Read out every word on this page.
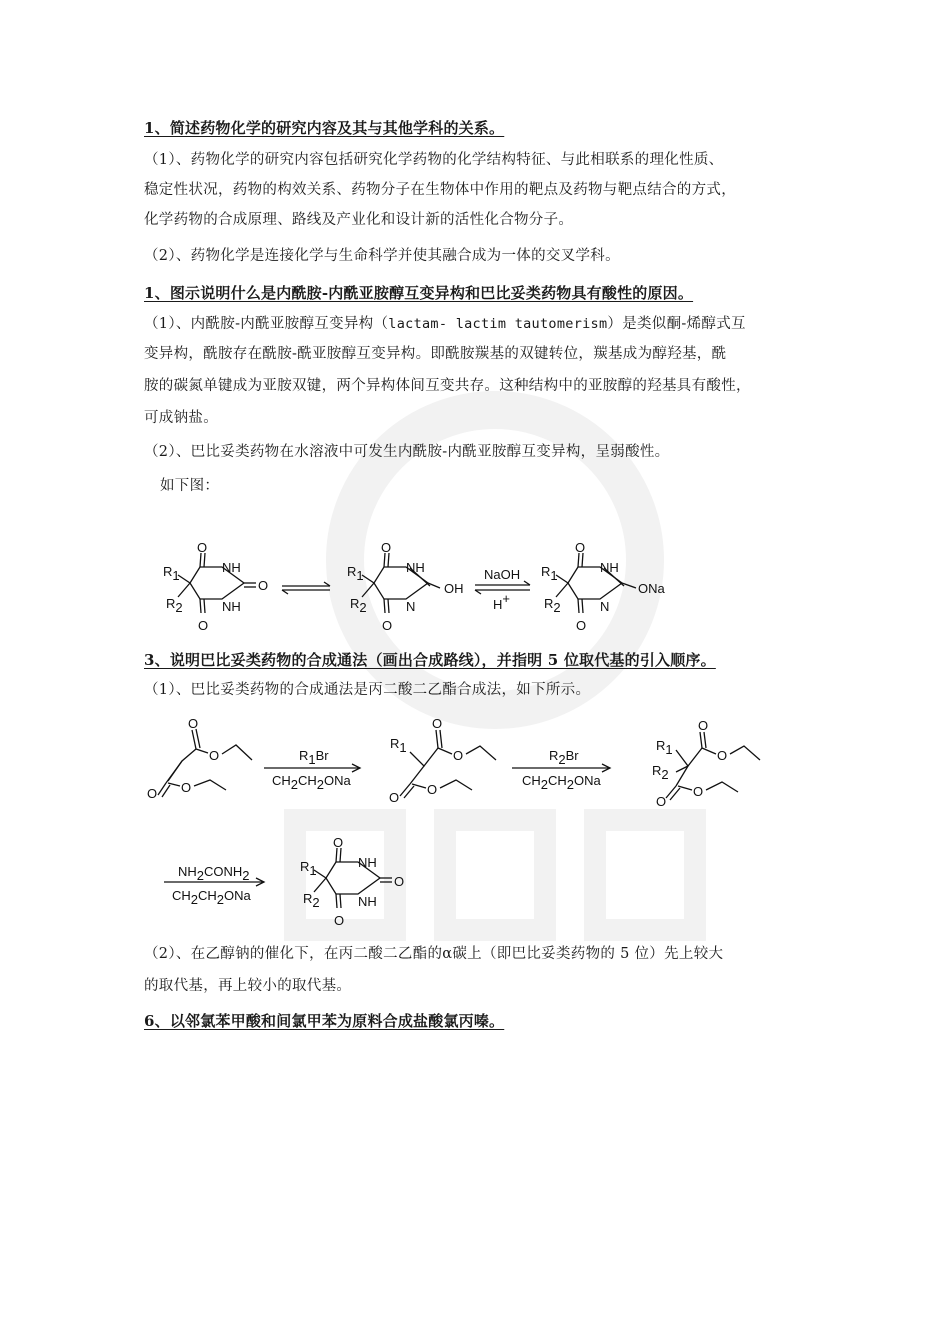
1、简述药物化学的研究内容及其与其他学科的关系。
（1）、药物化学的研究内容包括研究化学药物的化学结构特征、与此相联系的理化性质、
稳定性状况，药物的构效关系、药物分子在生物体中作用的靶点及药物与靶点结合的方式，
化学药物的合成原理、路线及产业化和设计新的活性化合物分子。
（2）、药物化学是连接化学与生命科学并使其融合成为一体的交叉学科。
1、图示说明什么是内酰胺-内酰亚胺醇互变异构和巴比妥类药物具有酸性的原因。
（1）、内酰胺-内酰亚胺醇互变异构（lactam- lactim tautomerism）是类似酮-烯醇式互
变异构，酰胺存在酰胺-酰亚胺醇互变异构。即酰胺羰基的双键转位，羰基成为醇羟基，酰
胺的碳氮单键成为亚胺双键，两个异构体间互变共存。这种结构中的亚胺醇的羟基具有酸性，
可成钠盐。
（2）、巴比妥类药物在水溶液中可发生内酰胺-内酰亚胺醇互变异构，呈弱酸性。
如下图：
O
NH
O
NH
O
R1
R2
O
NH
OH
N
O
R1
R2
NaOH
H+
O
NH
ONa
N
O
R1
R2
3、说明巴比妥类药物的合成通法（画出合成路线），并指明 5 位取代基的引入顺序。
（1）、巴比妥类药物的合成通法是丙二酸二乙酯合成法，如下所示。
O
O
O O
R1Br
CH2CH2ONa
R1
O
O
O
O
R2Br
CH2CH2ONa
R1
R2
O
O
O
O
NH2CONH2
CH2CH2ONa
O
NH
O
NH
O
R1
R2
（2）、在乙醇钠的催化下，在丙二酸二乙酯的α碳上（即巴比妥类药物的 5 位）先上较大
的取代基，再上较小的取代基。
6、以邻氯苯甲酸和间氯甲苯为原料合成盐酸氯丙嗪。
